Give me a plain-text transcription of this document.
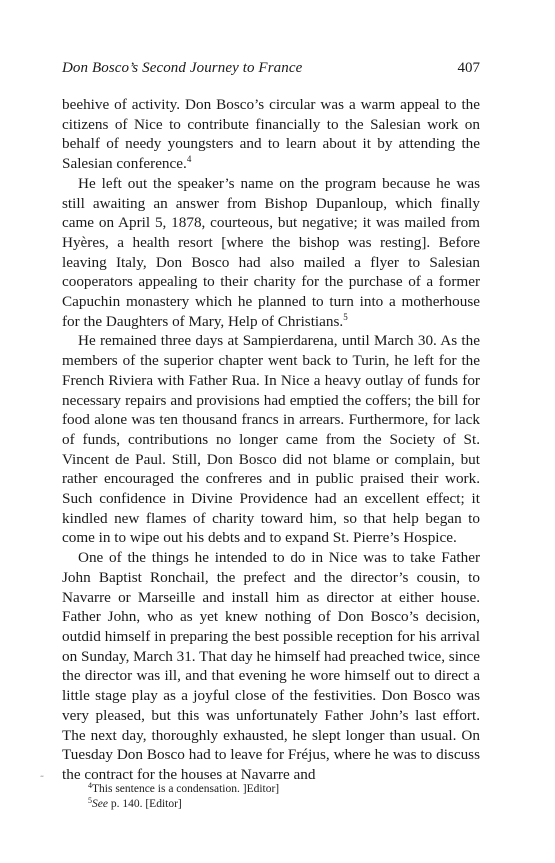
Don Bosco’s Second Journey to France	407

beehive of activity. Don Bosco’s circular was a warm appeal to the citizens of Nice to contribute financially to the Salesian work on behalf of needy youngsters and to learn about it by attending the Salesian conference.$^4$

He left out the speaker’s name on the program because he was still awaiting an answer from Bishop Dupanloup, which finally came on April 5, 1878, courteous, but negative; it was mailed from Hyères, a health resort [where the bishop was resting]. Before leaving Italy, Don Bosco had also mailed a flyer to Salesian cooperators appealing to their charity for the purchase of a former Capuchin monastery which he planned to turn into a motherhouse for the Daughters of Mary, Help of Christians.$^5$

He remained three days at Sampierdarena, until March 30. As the members of the superior chapter went back to Turin, he left for the French Riviera with Father Rua. In Nice a heavy outlay of funds for necessary repairs and provisions had emptied the coffers; the bill for food alone was ten thousand francs in arrears. Furthermore, for lack of funds, contributions no longer came from the Society of St. Vincent de Paul. Still, Don Bosco did not blame or complain, but rather encouraged the confreres and in public praised their work. Such confidence in Divine Providence had an excellent effect; it kindled new flames of charity toward him, so that help began to come in to wipe out his debts and to expand St. Pierre’s Hospice.

One of the things he intended to do in Nice was to take Father John Baptist Ronchail, the prefect and the director’s cousin, to Navarre or Marseille and install him as director at either house. Father John, who as yet knew nothing of Don Bosco’s decision, outdid himself in preparing the best possible reception for his arrival on Sunday, March 31. That day he himself had preached twice, since the director was ill, and that evening he wore himself out to direct a little stage play as a joyful close of the festivities. Don Bosco was very pleased, but this was unfortunately Father John’s last effort. The next day, thoroughly exhausted, he slept longer than usual. On Tuesday Don Bosco had to leave for Fréjus, where he was to discuss the contract for the houses at Navarre and

‘‘

$^4$This sentence is a condensation. ]Editor]

$^5$See p. 140. [Editor]
